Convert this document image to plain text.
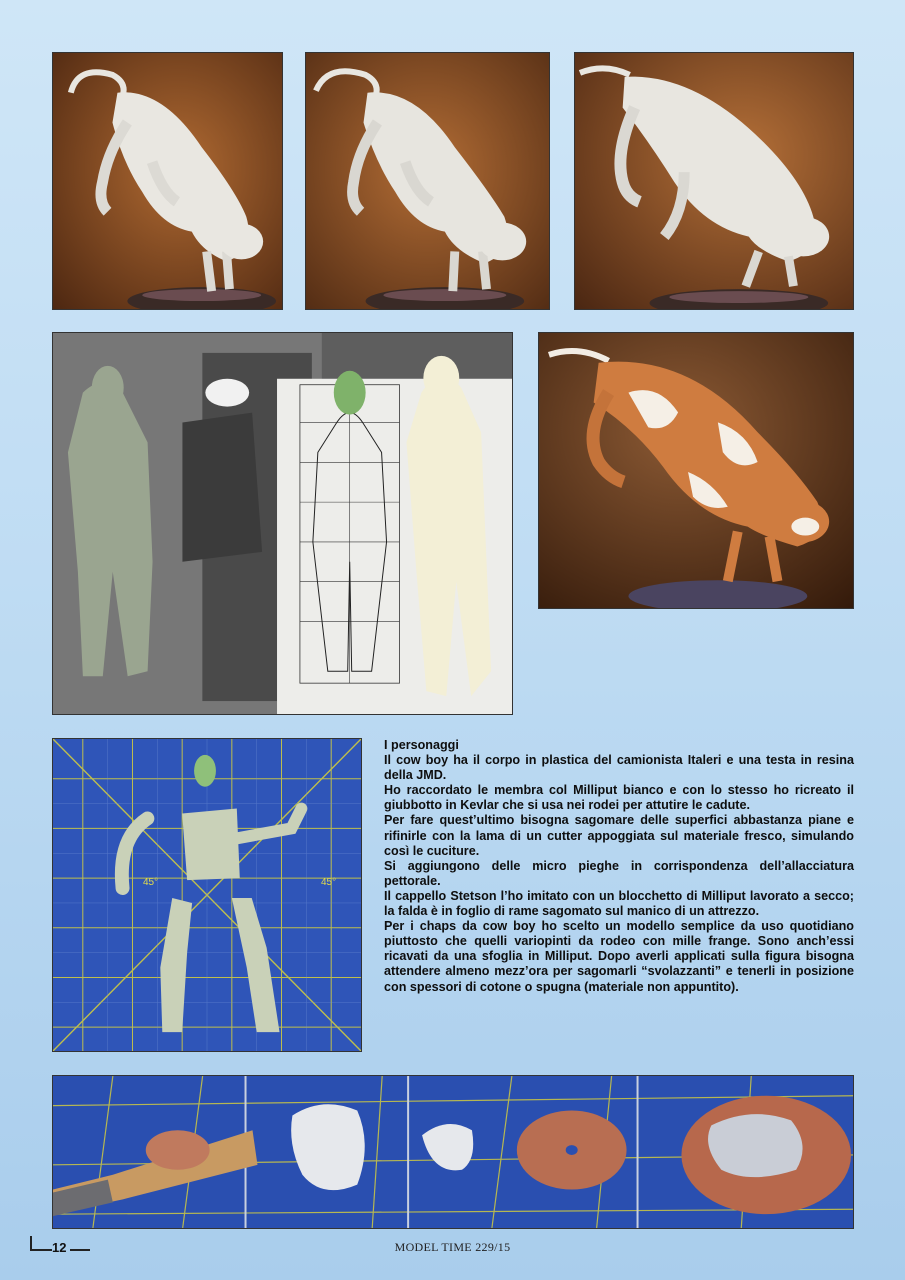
45°	45°

I personaggi

Il cow boy ha il corpo in plastica del camionista Italeri e una testa in resina della JMD.

Ho raccordato le membra col Milliput bianco e con lo stesso ho ricreato il giubbotto in Kevlar che si usa nei rodei per attutire le cadute.

Per fare quest’ultimo bisogna sagomare delle superfici abbastanza piane e rifinirle con la lama di un cutter appoggiata sul materiale fresco, simulando così le cuciture.

Si aggiungono delle micro pieghe in corrispondenza dell’allacciatura pettorale.

Il cappello Stetson l’ho imitato con un blocchetto di Milliput lavorato a secco; la falda è in foglio di rame sagomato sul manico di un attrezzo.

Per i chaps da cow boy ho scelto un modello semplice da uso quotidiano piuttosto che quelli variopinti da rodeo con mille frange. Sono anch’essi ricavati da una sfoglia in Milliput. Dopo averli applicati sulla figura bisogna attendere almeno mezz’ora per sagomarli “svolazzanti” e tenerli in posizione con spessori di cotone o spugna (materiale non appuntito).

12	MODEL TIME 229/15
